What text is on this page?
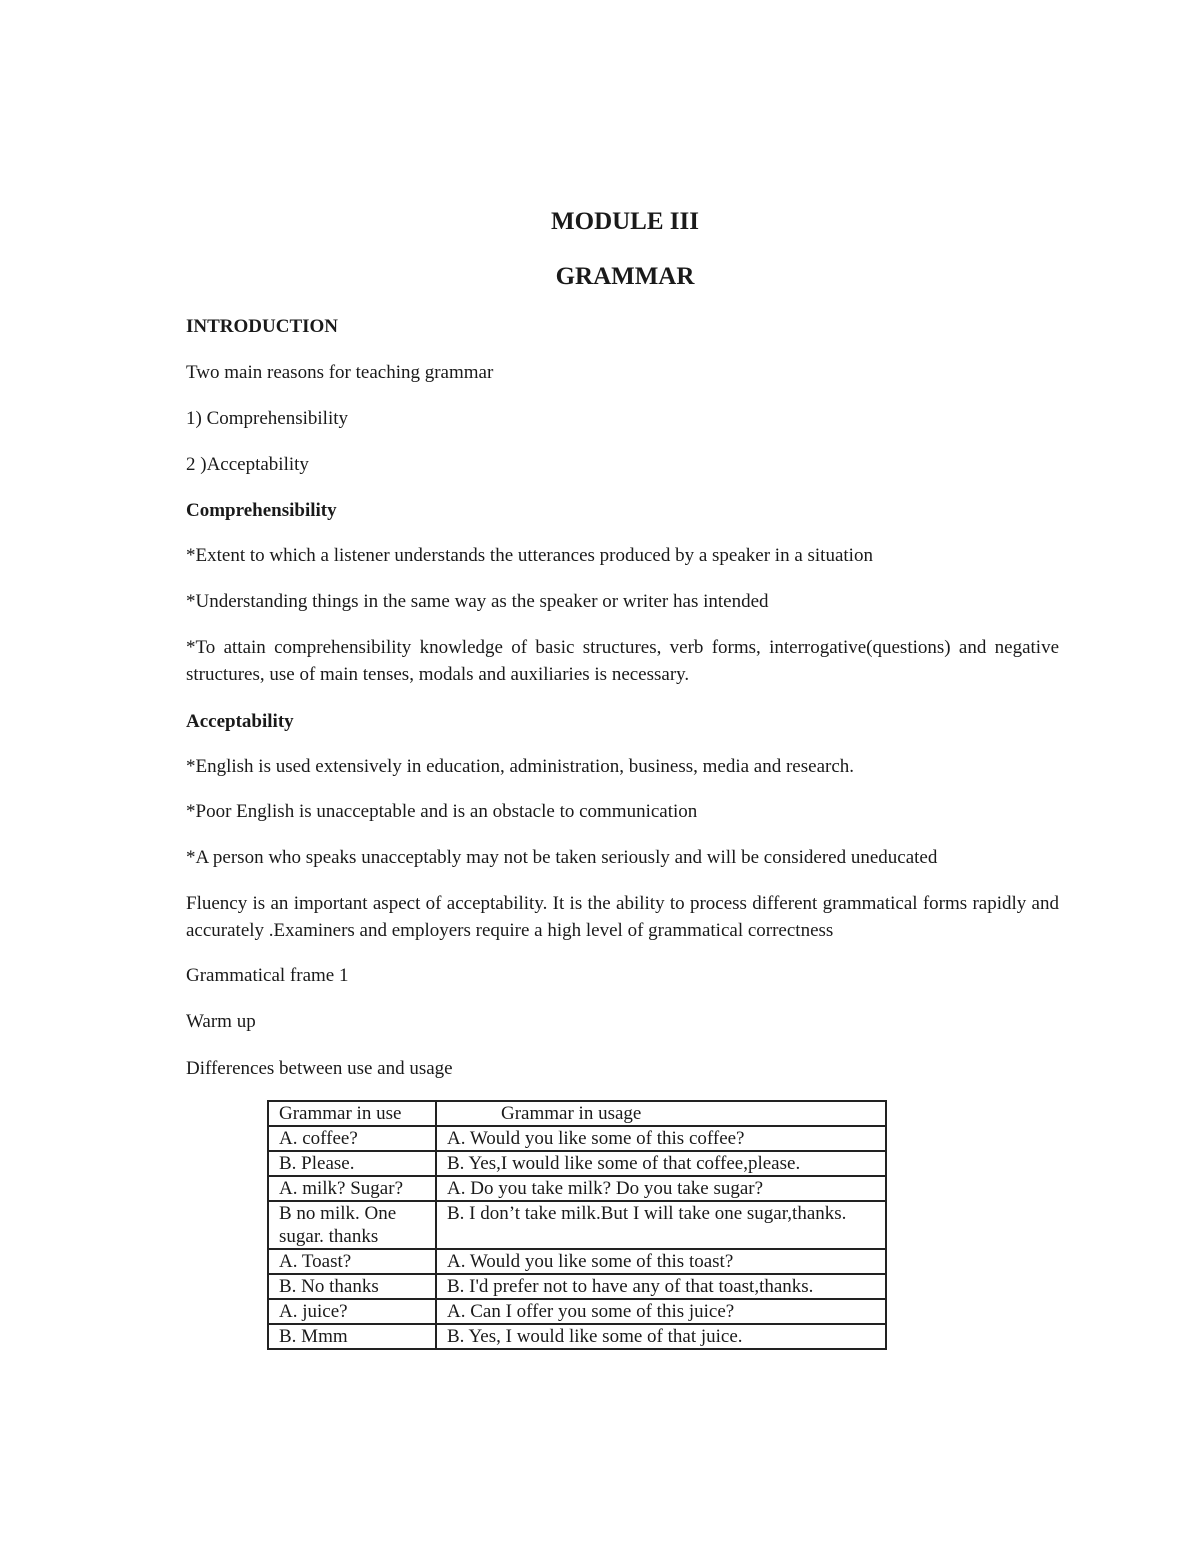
MODULE III
GRAMMAR
INTRODUCTION

Two main reasons for teaching grammar

1) Comprehensibility

2 )Acceptability

Comprehensibility

*Extent to which a listener understands the utterances produced by a speaker in a situation

*Understanding things in the same way as the speaker or writer has intended

*To attain comprehensibility knowledge of basic structures, verb forms, interrogative(questions) and negative structures, use of main tenses, modals and auxiliaries is necessary.

Acceptability

*English is used extensively in education, administration, business, media and research.

*Poor English is unacceptable and is an obstacle to communication

*A person who speaks unacceptably may not be taken seriously and will be considered uneducated

Fluency is an important aspect of acceptability. It is the ability to process different grammatical forms rapidly and accurately .Examiners and employers require a high level of grammatical correctness

Grammatical frame 1

Warm up

Differences between use and usage

Grammar in use	Grammar in usage
A. coffee?	A. Would you like some of this coffee?
B. Please.	B. Yes,I would like some of that coffee,please.
A. milk? Sugar?	A. Do you take milk? Do you take sugar?
B no milk. One sugar. thanks	B. I don’t take milk.But I will take one sugar,thanks.
A. Toast?	A. Would you like some of this toast?
B. No thanks	B. I'd prefer not to have any of that toast,thanks.
A. juice?	A. Can I offer you some of this juice?
B. Mmm	B. Yes, I would like some of that juice.
